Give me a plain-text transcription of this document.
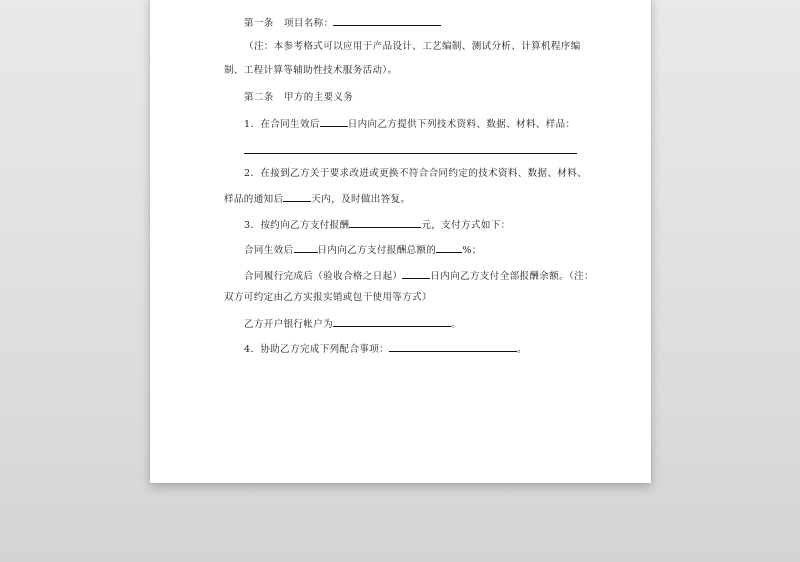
第一条 项目名称：
（注：本参考格式可以应用于产品设计、工艺编制、测试分析、计算机程序编
制、工程计算等辅助性技术服务活动）。
第二条 甲方的主要义务
1．在合同生效后	日内向乙方提供下列技术资料、数据、材料、样品：
2．在接到乙方关于要求改进或更换不符合合同约定的技术资料、数据、材料、
样品的通知后	天内，及时做出答复。
3．按约向乙方支付报酬	元，支付方式如下：
合同生效后	日内向乙方支付报酬总额的	%；
合同履行完成后（验收合格之日起）	日内向乙方支付全部报酬余额。（注：
双方可约定由乙方实报实销或包干使用等方式）
乙方开户银行帐户为	。
4．协助乙方完成下列配合事项：	。
